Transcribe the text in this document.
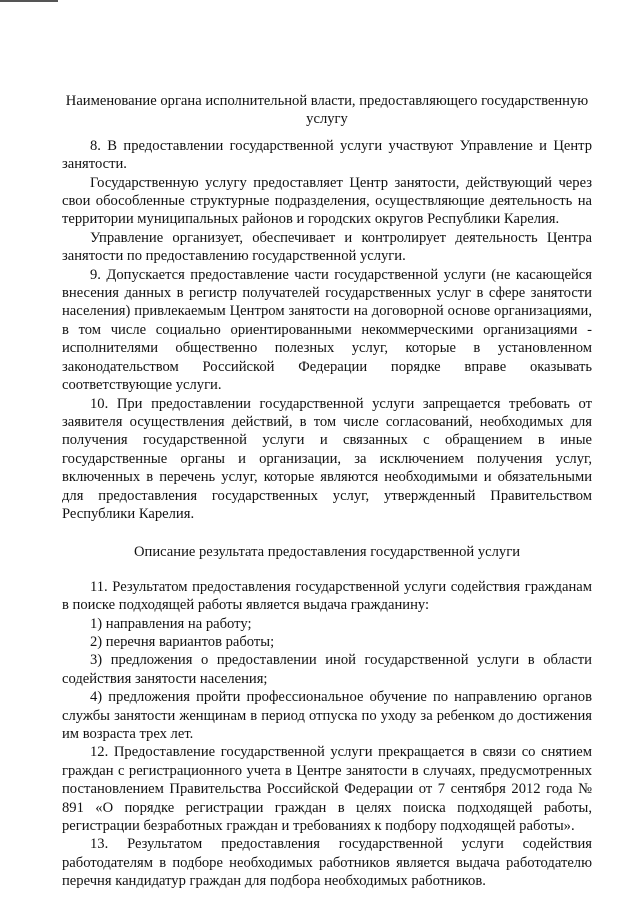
Наименование органа исполнительной власти, предоставляющего государственную услугу

8. В предоставлении государственной услуги участвуют Управление и Центр занятости.

Государственную услугу предоставляет Центр занятости, действующий через свои обособленные структурные подразделения, осуществляющие деятельность на территории муниципальных районов и городских округов Республики Карелия.

Управление организует, обеспечивает и контролирует деятельность Центра занятости по предоставлению государственной услуги.

9. Допускается предоставление части государственной услуги (не касающейся внесения данных в регистр получателей государственных услуг в сфере занятости населения) привлекаемым Центром занятости на договорной основе организациями, в том числе социально ориентированными некоммерческими организациями - исполнителями общественно полезных услуг, которые в установленном законодательством Российской Федерации порядке вправе оказывать соответствующие услуги.

10. При предоставлении государственной услуги запрещается требовать от заявителя осуществления действий, в том числе согласований, необходимых для получения государственной услуги и связанных с обращением в иные государственные органы и организации, за исключением получения услуг, включенных в перечень услуг, которые являются необходимыми и обязательными для предоставления государственных услуг, утвержденный Правительством Республики Карелия.

Описание результата предоставления государственной услуги

11. Результатом предоставления государственной услуги содействия гражданам в поиске подходящей работы является выдача гражданину:

1) направления на работу;

2) перечня вариантов работы;

3) предложения о предоставлении иной государственной услуги в области содействия занятости населения;

4) предложения пройти профессиональное обучение по направлению органов службы занятости женщинам в период отпуска по уходу за ребенком до достижения им возраста трех лет.

12. Предоставление государственной услуги прекращается в связи со снятием граждан с регистрационного учета в Центре занятости в случаях, предусмотренных постановлением Правительства Российской Федерации от 7 сентября 2012 года № 891 «О порядке регистрации граждан в целях поиска подходящей работы, регистрации безработных граждан и требованиях к подбору подходящей работы».

13. Результатом предоставления государственной услуги содействия работодателям в подборе необходимых работников является выдача работодателю перечня кандидатур граждан для подбора необходимых работников.
